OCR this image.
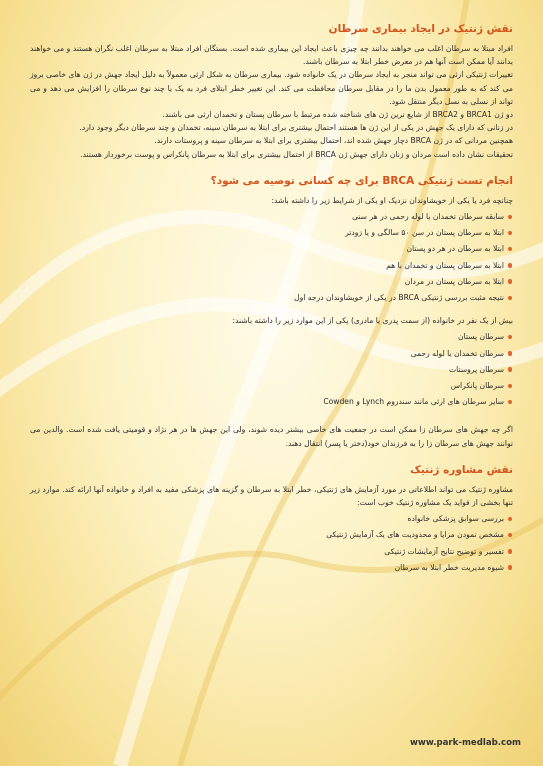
نقش ژنتیک در ایجاد بیماری سرطان

افراد مبتلا به سرطان اغلب می خواهند بدانند چه چیزی باعث ایجاد این بیماری شده است. بستگان افراد مبتلا به سرطان اغلب نگران هستند و می خواهند بدانند آیا ممکن است آنها هم در معرض خطر ابتلا به سرطان باشند.

تغییرات ژنتیکی ارثی می تواند منجر به ایجاد سرطان در یک خانواده شود. بیماری سرطان به شکل ارثی معمولاً به دلیل ایجاد جهش در ژن های خاصی بروز می کند که به طور معمول بدن ما را در مقابل سرطان محافظت می کند. این تغییر خطر ابتلای فرد به یک یا چند نوع سرطان را افزایش می دهد و می تواند از نسلی به نسل دیگر منتقل شود.

دو ژن BRCA1 و BRCA2 از شایع ترین ژن های شناخته شده مرتبط با سرطان پستان و تخمدان ارثی می باشند.

در زنانی که دارای یک جهش در یکی از این ژن ها هستند احتمال بیشتری برای ابتلا به سرطان سینه، تخمدان و چند سرطان دیگر وجود دارد.

همچنین مردانی که در ژن BRCA دچار جهش شده اند، احتمال بیشتری برای ابتلا به سرطان سینه و پروستات دارند.

تحقیقات نشان داده است مردان و زنان دارای جهش ژن BRCA از احتمال بیشتری برای ابتلا به سرطان پانکراس و پوست برخوردار هستند.

انجام تست ژنتیکی BRCA برای چه کسانی توصیه می شود؟

چنانچه فرد یا یکی از خویشاوندان نزدیک او یکی از شرایط زیر را داشته باشد:

سابقه سرطان تخمدان یا لوله رحمی در هر سنی
ابتلا به سرطان پستان در سن ۵۰ سالگی و یا زودتر
ابتلا به سرطان در هر دو پستان
ابتلا به سرطان پستان و تخمدان با هم
ابتلا به سرطان پستان در مردان
نتیجه مثبت بررسی ژنتیکی BRCA در یکی از خویشاوندان درجه اول

بیش از یک نفر در خانواده (از سمت پدری یا مادری) یکی از این موارد زیر را داشته باشند:

سرطان پستان
سرطان تخمدان یا لوله رحمی
سرطان پروستات
سرطان پانکراس
سایر سرطان های ارثی مانند سندروم Lynch و Cowden

اگر چه جهش های سرطان زا ممکن است در جمعیت های خاصی بیشتر دیده شوند، ولی این جهش ها در هر نژاد و قومیتی یافت شده است. والدین می توانند جهش های سرطان زا را به فرزندان خود(دختر یا پسر) انتقال دهند.

نقش مشاوره ژنتیک

مشاوره ژنتیک می تواند اطلاعاتی در مورد آزمایش های ژنتیکی، خطر ابتلا به سرطان و گزینه های پزشکی مفید به افراد و خانواده آنها ارائه کند. موارد زیر تنها بخشی از فواید یک مشاوره ژنتیک خوب است:

بررسی سوابق پزشکی خانواده
مشخص نمودن مزایا و محدودیت های یک آزمایش ژنتیکی
تفسیر و توضیح نتایج آزمایشات ژنتیکی
شیوه مدیریت خطر ابتلا به سرطان
www.park-medlab.com
